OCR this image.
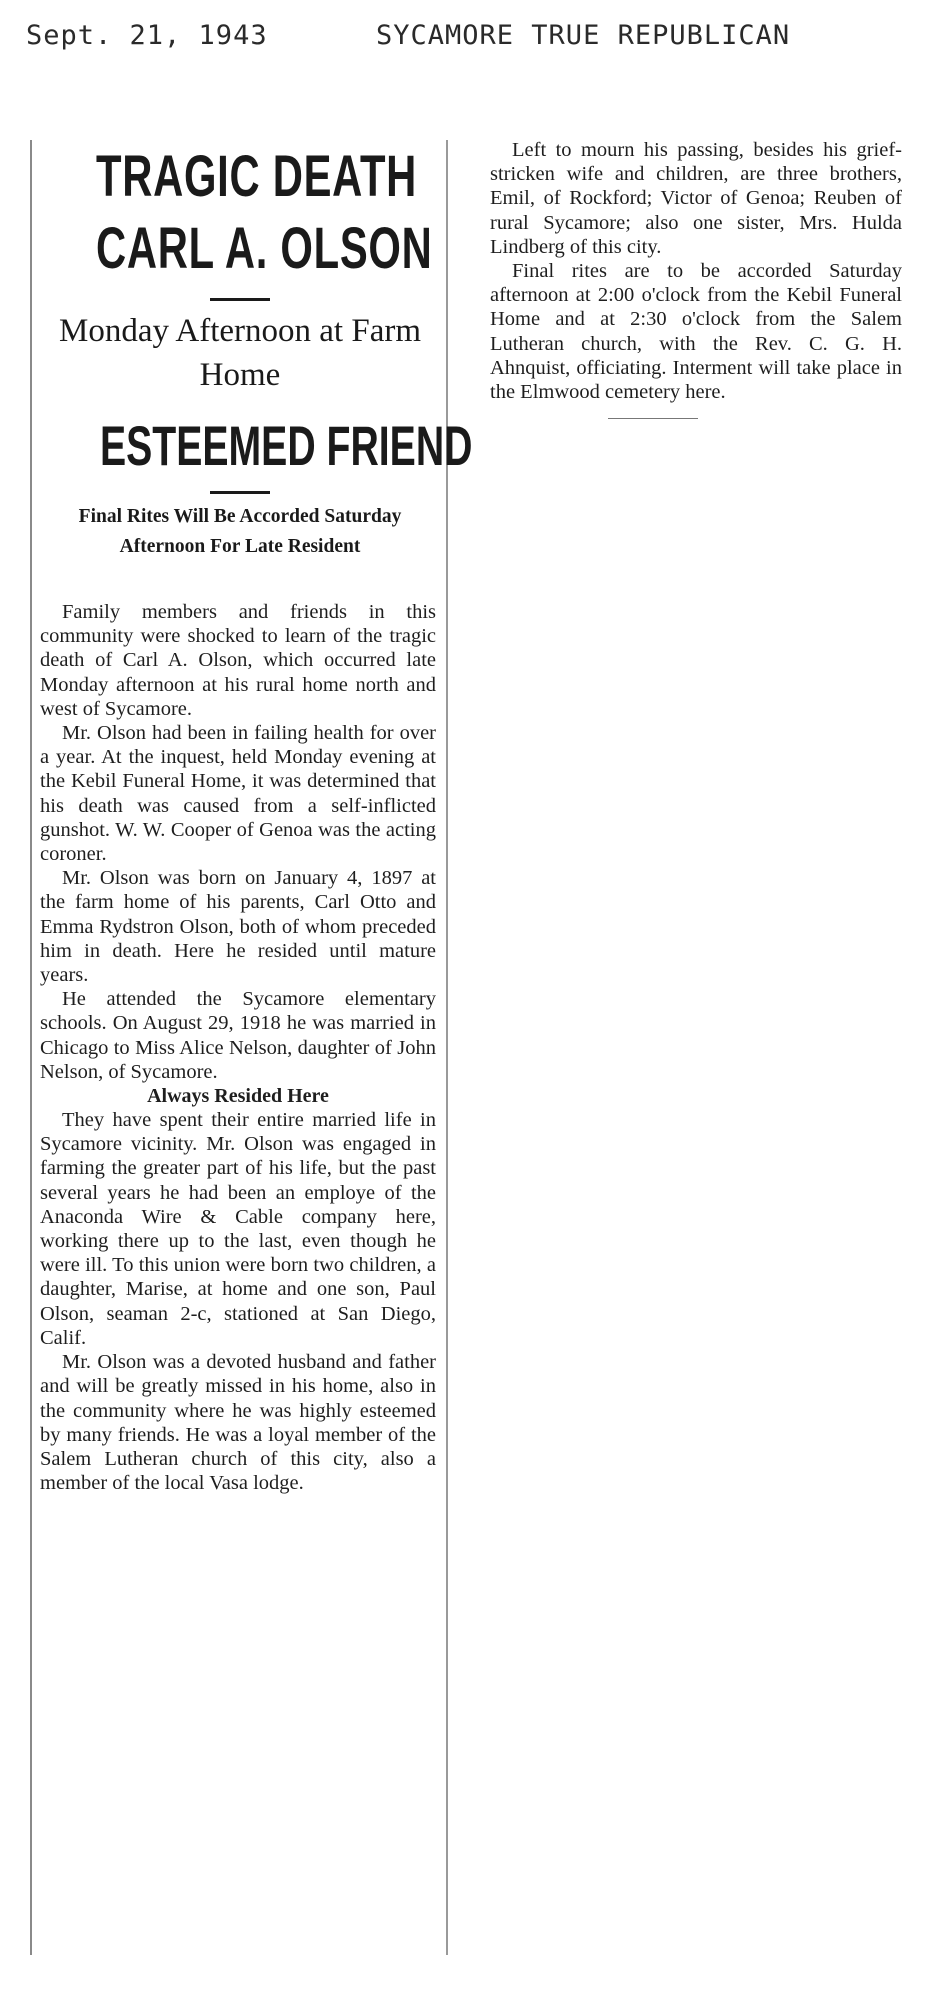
Sept. 21, 1943	SYCAMORE TRUE REPUBLICAN
TRAGIC DEATH
CARL A. OLSON
Monday Afternoon at Farm Home
ESTEEMED FRIEND
Final Rites Will Be Accorded Saturday Afternoon For Late Resident

Family members and friends in this community were shocked to learn of the tragic death of Carl A. Olson, which occurred late Monday afternoon at his rural home north and west of Sycamore.

Mr. Olson had been in failing health for over a year. At the inquest, held Monday evening at the Kebil Funeral Home, it was determined that his death was caused from a self-inflicted gunshot. W. W. Cooper of Genoa was the acting coroner.

Mr. Olson was born on January 4, 1897 at the farm home of his parents, Carl Otto and Emma Rydstron Olson, both of whom preceded him in death. Here he resided until mature years.

He attended the Sycamore elementary schools. On August 29, 1918 he was married in Chicago to Miss Alice Nelson, daughter of John Nelson, of Sycamore.

Always Resided Here

They have spent their entire married life in Sycamore vicinity. Mr. Olson was engaged in farming the greater part of his life, but the past several years he had been an employe of the Anaconda Wire & Cable company here, working there up to the last, even though he were ill. To this union were born two children, a daughter, Marise, at home and one son, Paul Olson, seaman 2-c, stationed at San Diego, Calif.

Mr. Olson was a devoted husband and father and will be greatly missed in his home, also in the community where he was highly esteemed by many friends. He was a loyal member of the Salem Lutheran church of this city, also a member of the local Vasa lodge.

Left to mourn his passing, besides his grief-stricken wife and children, are three brothers, Emil, of Rockford; Victor of Genoa; Reuben of rural Sycamore; also one sister, Mrs. Hulda Lindberg of this city.

Final rites are to be accorded Saturday afternoon at 2:00 o'clock from the Kebil Funeral Home and at 2:30 o'clock from the Salem Lutheran church, with the Rev. C. G. H. Ahnquist, officiating. Interment will take place in the Elmwood cemetery here.
